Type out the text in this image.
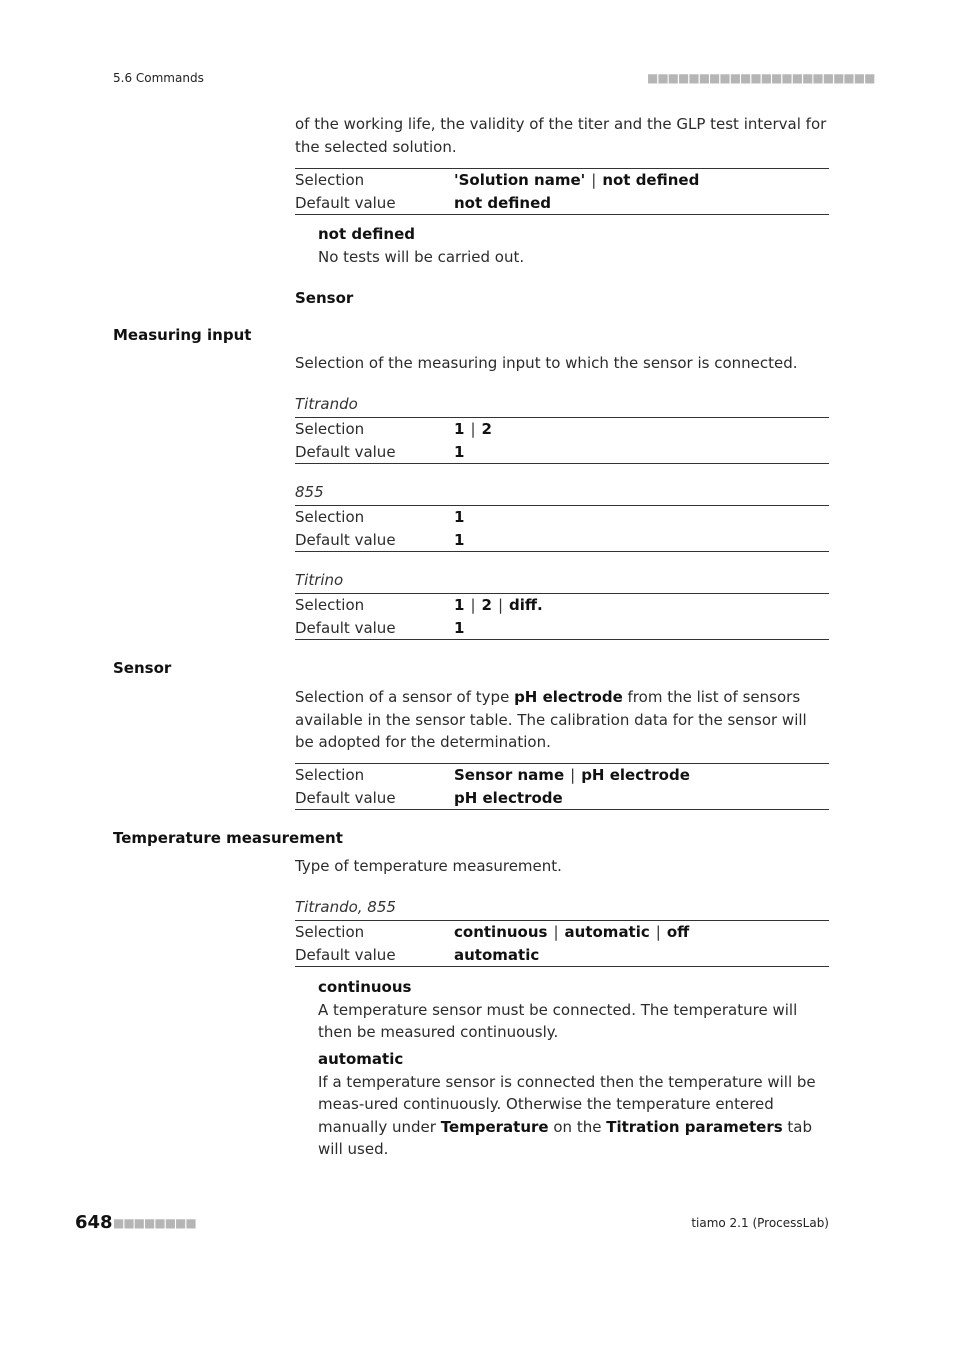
5.6 Commands	■■■■■■■■■■■■■■■■■■■■■■
of the working life, the validity of the titer and the GLP test interval for the selected solution.
Selection	'Solution name' | not defined
Default value	not defined
not defined
No tests will be carried out.
Sensor
Measuring input
Selection of the measuring input to which the sensor is connected.
Titrando
Selection	1 | 2
Default value	1
855
Selection	1
Default value	1
Titrino
Selection	1 | 2 | diff.
Default value	1
Sensor
Selection of a sensor of type pH electrode from the list of sensors available in the sensor table. The calibration data for the sensor will be adopted for the determination.
Selection	Sensor name | pH electrode
Default value	pH electrode
Temperature measurement
Type of temperature measurement.
Titrando, 855
Selection	continuous | automatic | off
Default value	automatic
continuous
A temperature sensor must be connected. The temperature will then be measured continuously.
automatic
If a temperature sensor is connected then the temperature will be meas-ured continuously. Otherwise the temperature entered manually under Temperature on the Titration parameters tab will used.
648 ■■■■■■■■	tiamo 2.1 (ProcessLab)
